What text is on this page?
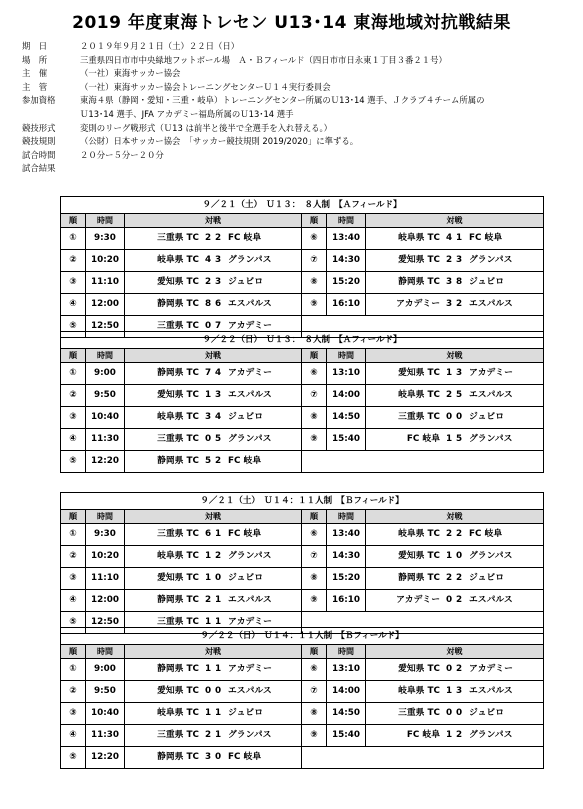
2019 年度東海トレセン U13･14 東海地域対抗戦結果
期　日	２０１９年９月２１日（土）２２日（日）
場　所	三重県四日市市中央緑地フットボール場　Ａ・Ｂフィールド（四日市市日永東１丁目３番２１号）
主　催	（一社）東海サッカー協会
主　管	（一社）東海サッカー協会トレーニングセンターＵ１４実行委員会
参加資格	東海４県（静岡・愛知・三重・岐阜）トレーニングセンター所属のＵ13･14 選手、Ｊクラブ４チーム所属の
Ｕ13･14 選手、JFA アカデミー福島所属のＵ13･14 選手
競技形式	変則のリーグ戦形式（Ｕ13 は前半と後半で全選手を入れ替える。）
競技規則	（公財）日本サッカー協会　「サッカー競技規則 2019/2020」に準ずる。
試合時間	２０分ー５分ー２０分
試合結果
９／２１（土）　Ｕ１３：　８人制　【Ａフィールド】
順	時間	対戦	順	時間	対戦
①	9:30	三重県 TC 2 2 FC 岐阜	⑥	13:40	岐阜県 TC 4 1 FC 岐阜
②	10:20	岐阜県 TC 4 3 グランパス	⑦	14:30	愛知県 TC 2 3 グランパス
③	11:10	愛知県 TC 2 3 ジュビロ	⑧	15:20	静岡県 TC 3 8 ジュビロ
④	12:00	静岡県 TC 8 6 エスパルス	⑨	16:10	アカデミー 3 2 エスパルス
⑤	12:50	三重県 TC 0 7 アカデミー
９／２２（日）　Ｕ１３：　８人制　【Ａフィールド】
順	時間	対戦	順	時間	対戦
①	9:00	静岡県 TC 7 4 アカデミー	⑥	13:10	愛知県 TC 1 3 アカデミー
②	9:50	愛知県 TC 1 3 エスパルス	⑦	14:00	岐阜県 TC 2 5 エスパルス
③	10:40	岐阜県 TC 3 4 ジュビロ	⑧	14:50	三重県 TC 0 0 ジュビロ
④	11:30	三重県 TC 0 5 グランパス	⑨	15:40	FC 岐阜 1 5 グランパス
⑤	12:20	静岡県 TC 5 2 FC 岐阜
９／２１（土）　Ｕ１４：１１人制　【Ｂフィールド】
順	時間	対戦	順	時間	対戦
①	9:30	三重県 TC 6 1 FC 岐阜	⑥	13:40	岐阜県 TC 2 2 FC 岐阜
②	10:20	岐阜県 TC 1 2 グランパス	⑦	14:30	愛知県 TC 1 0 グランパス
③	11:10	愛知県 TC 1 0 ジュビロ	⑧	15:20	静岡県 TC 2 2 ジュビロ
④	12:00	静岡県 TC 2 1 エスパルス	⑨	16:10	アカデミー 0 2 エスパルス
⑤	12:50	三重県 TC 1 1 アカデミー
９／２２（日）　Ｕ１４：１１人制　【Ｂフィールド】
順	時間	対戦	順	時間	対戦
①	9:00	静岡県 TC 1 1 アカデミー	⑥	13:10	愛知県 TC 0 2 アカデミー
②	9:50	愛知県 TC 0 0 エスパルス	⑦	14:00	岐阜県 TC 1 3 エスパルス
③	10:40	岐阜県 TC 1 1 ジュビロ	⑧	14:50	三重県 TC 0 0 ジュビロ
④	11:30	三重県 TC 2 1 グランパス	⑨	15:40	FC 岐阜 1 2 グランパス
⑤	12:20	静岡県 TC 3 0 FC 岐阜
